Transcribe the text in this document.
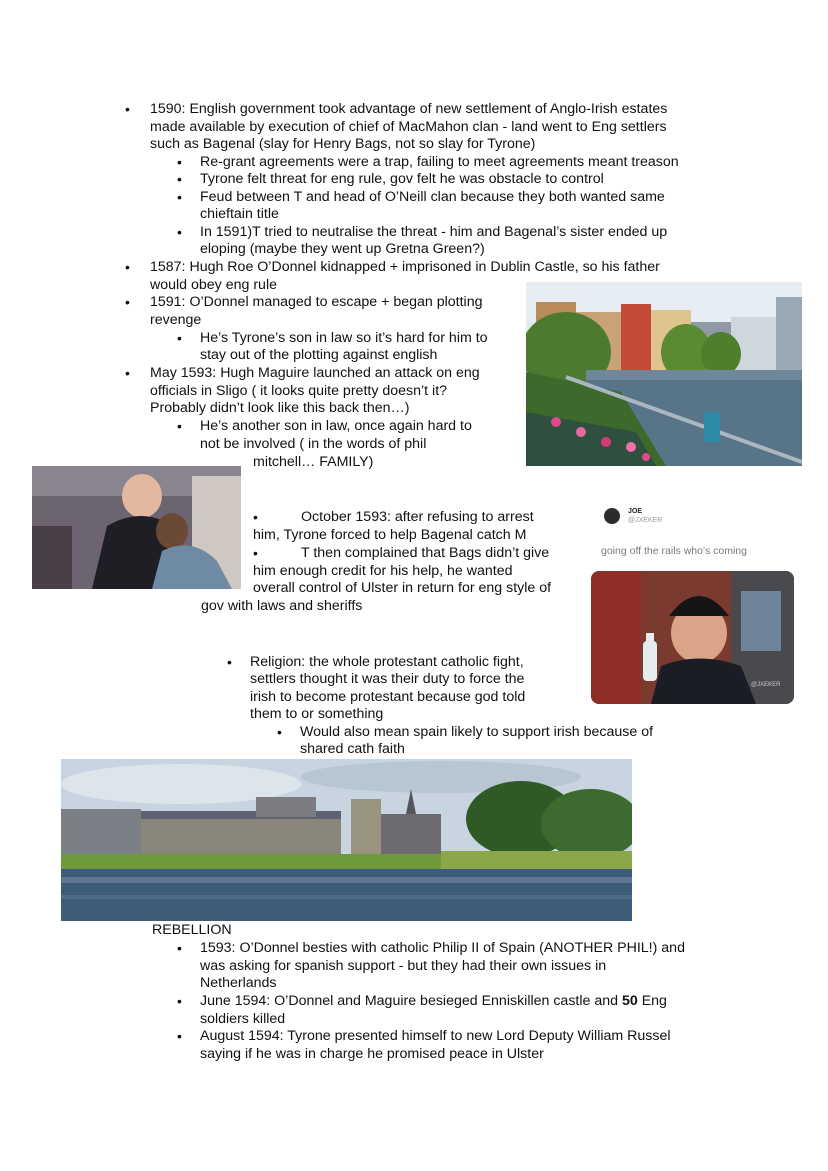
• 1590: English government took advantage of new settlement of Anglo-Irish estates
made available by execution of chief of MacMahon clan - land went to Eng settlers
such as Bagenal (slay for Henry Bags, not so slay for Tyrone)
• Re-grant agreements were a trap, failing to meet agreements meant treason
• Tyrone felt threat for eng rule, gov felt he was obstacle to control
• Feud between T and head of O’Neill clan because they both wanted same
chieftain title
• In 1591)T tried to neutralise the threat - him and Bagenal’s sister ended up
eloping (maybe they went up Gretna Green?)
• 1587: Hugh Roe O’Donnel kidnapped + imprisoned in Dublin Castle, so his father
would obey eng rule
• 1591: O’Donnel managed to escape + began plotting
revenge
• He’s Tyrone’s son in law so it’s hard for him to
stay out of the plotting against english
• May 1593: Hugh Maguire launched an attack on eng
officials in Sligo ( it looks quite pretty doesn’t it?
Probably didn’t look like this back then…)
• He’s another son in law, once again hard to
not be involved ( in the words of phil
mitchell… FAMILY)
•	October 1593: after refusing to arrest
him, Tyrone forced to help Bagenal catch M
•	T then complained that Bags didn’t give
him enough credit for his help, he wanted
overall control of Ulster in return for eng style of
gov with laws and sheriffs
JOE
@JXEKER
going off the rails who's coming
@JXEKER
• Religion: the whole protestant catholic fight,
settlers thought it was their duty to force the
irish to become protestant because god told
them to or something
• Would also mean spain likely to support irish because of
shared cath faith
REBELLION
• 1593: O’Donnel besties with catholic Philip II of Spain (ANOTHER PHIL!) and
was asking for spanish support - but they had their own issues in
Netherlands
• June 1594: O’Donnel and Maguire besieged Enniskillen castle and 50 Eng
soldiers killed
• August 1594: Tyrone presented himself to new Lord Deputy William Russel
saying if he was in charge he promised peace in Ulster
